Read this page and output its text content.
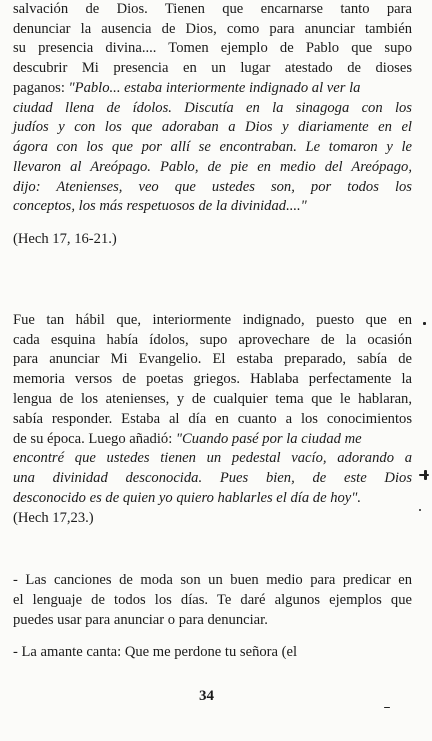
salvación de Dios. Tienen que encarnarse tanto para
denunciar la ausencia de Dios, como para anunciar también
su presencia divina.... Tomen ejemplo de Pablo que supo
descubrir Mi presencia en un lugar atestado de dioses
paganos: "Pablo... estaba interiormente indignado al ver la
ciudad llena de ídolos. Discutía en la sinagoga con los
judíos y con los que adoraban a Dios y diariamente en el
ágora con los que por allí se encontraban. Le tomaron y le
llevaron al Areópago. Pablo, de pie en medio del Areópago,
dijo: Atenienses, veo que ustedes son, por todos los
conceptos, los más respetuosos de la divinidad...."
(Hech 17, 16-21.)
Fue tan hábil que, interiormente indignado, puesto que en
cada esquina había ídolos, supo aprovechare de la ocasión
para anunciar Mi Evangelio. El estaba preparado, sabía de
memoria versos de poetas griegos. Hablaba perfectamente la
lengua de los atenienses, y de cualquier tema que le hablaran,
sabía responder. Estaba al día en cuanto a los conocimientos
de su época. Luego añadió: "Cuando pasé por la ciudad me
encontré que ustedes tienen un pedestal vacío, adorando a
una divinidad desconocida. Pues bien, de este Dios
desconocido es de quien yo quiero hablarles el día de hoy".
(Hech 17,23.)
- Las canciones de moda son un buen medio para predicar en
el lenguaje de todos los días. Te daré algunos ejemplos que
puedes usar para anunciar o para denunciar.
- La amante canta: Que me perdone tu señora (el
34
